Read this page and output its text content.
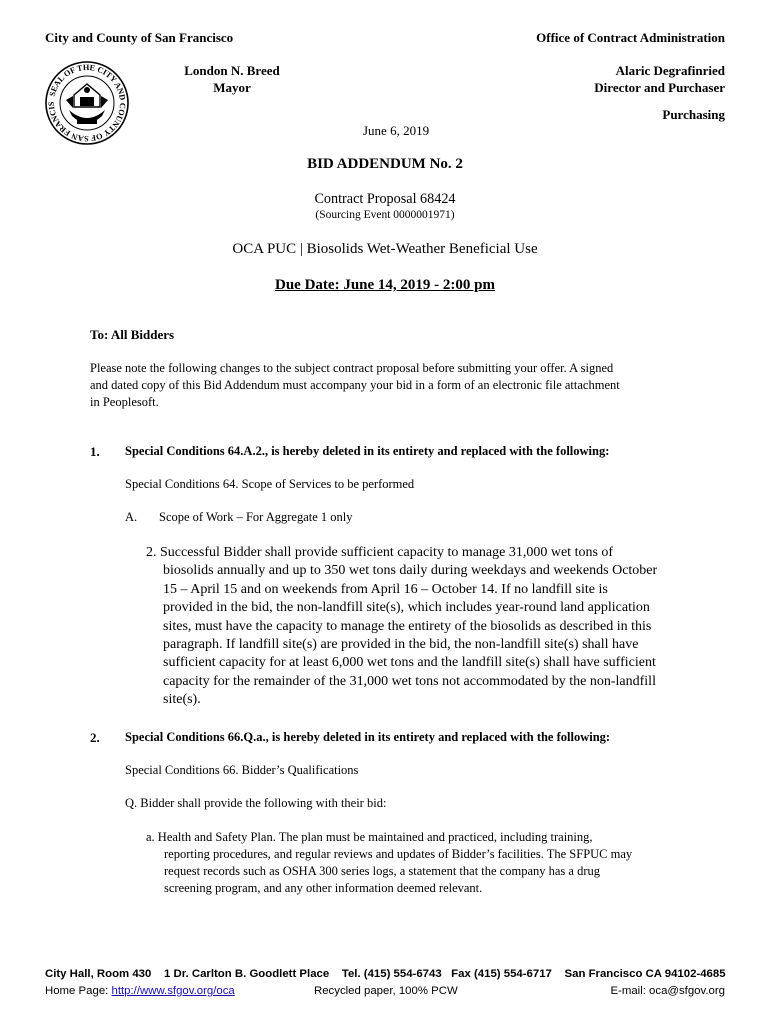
City and County of San Francisco	Office of Contract Administration
SEAL OF THE CITY AND COUNTY OF SAN FRANCIS
London N. Breed
Mayor
Alaric Degrafinried
Director and Purchaser
Purchasing
June 6, 2019
BID ADDENDUM No. 2
Contract Proposal 68424
(Sourcing Event 0000001971)
OCA PUC | Biosolids Wet-Weather Beneficial Use
Due Date: June 14, 2019 - 2:00 pm
To: All Bidders
Please note the following changes to the subject contract proposal before submitting your offer. A signed
and dated copy of this Bid Addendum must accompany your bid in a form of an electronic file attachment
in Peoplesoft.
1. Special Conditions 64.A.2., is hereby deleted in its entirety and replaced with the following:
Special Conditions 64. Scope of Services to be performed
A. Scope of Work – For Aggregate 1 only
2. Successful Bidder shall provide sufficient capacity to manage 31,000 wet tons of
biosolids annually and up to 350 wet tons daily during weekdays and weekends October
15 – April 15 and on weekends from April 16 – October 14. If no landfill site is
provided in the bid, the non-landfill site(s), which includes year-round land application
sites, must have the capacity to manage the entirety of the biosolids as described in this
paragraph. If landfill site(s) are provided in the bid, the non-landfill site(s) shall have
sufficient capacity for at least 6,000 wet tons and the landfill site(s) shall have sufficient
capacity for the remainder of the 31,000 wet tons not accommodated by the non-landfill
site(s).
2. Special Conditions 66.Q.a., is hereby deleted in its entirety and replaced with the following:
Special Conditions 66. Bidder’s Qualifications
Q. Bidder shall provide the following with their bid:
a. Health and Safety Plan. The plan must be maintained and practiced, including training,
reporting procedures, and regular reviews and updates of Bidder’s facilities. The SFPUC may
request records such as OSHA 300 series logs, a statement that the company has a drug
screening program, and any other information deemed relevant.
City Hall, Room 430    1 Dr. Carlton B. Goodlett Place    Tel. (415) 554-6743   Fax (415) 554-6717    San Francisco CA 94102-4685
Home Page: http://www.sfgov.org/oca	Recycled paper, 100% PCW	E-mail: oca@sfgov.org
